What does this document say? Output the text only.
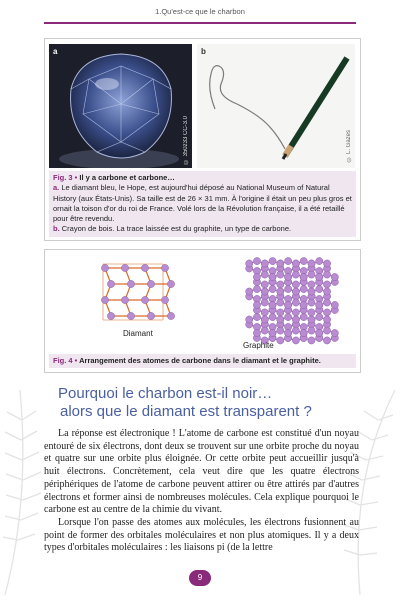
1.Qu'est-ce que le charbon
a
© 350z33 CC-3.0
b
© L. Gazes
Fig. 3 • Il y a carbone et carbone…
a. Le diamant bleu, le Hope, est aujourd'hui déposé au National Museum of Natural History (aux États-Unis). Sa taille est de 26 × 31 mm. À l'origine il était un peu plus gros et ornait la toison d'or du roi de France. Volé lors de la Révolution française, il a été retaillé pour être revendu.
b. Crayon de bois. La trace laissée est du graphite, un type de carbone.
Diamant
Graphite
Fig. 4 • Arrangement des atomes de carbone dans le diamant et le graphite.
Pourquoi le charbon est-il noir…
alors que le diamant est transparent ?

La réponse est électronique ! L'atome de carbone est constitué d'un noyau entouré de six électrons, dont deux se trouvent sur une orbite proche du noyau et quatre sur une orbite plus éloignée. Or cette orbite peut accueillir jusqu'à huit électrons. Concrètement, cela veut dire que les quatre électrons périphériques de l'atome de carbone peuvent attirer ou être attirés par d'autres électrons et former ainsi de nombreuses molécules. Cela explique pourquoi le carbone est au centre de la chimie du vivant.

Lorsque l'on passe des atomes aux molécules, les électrons fusionnent au point de former des orbitales moléculaires et non plus atomiques. Il y a deux types d'orbitales moléculaires : les liaisons pi (de la lettre

9
